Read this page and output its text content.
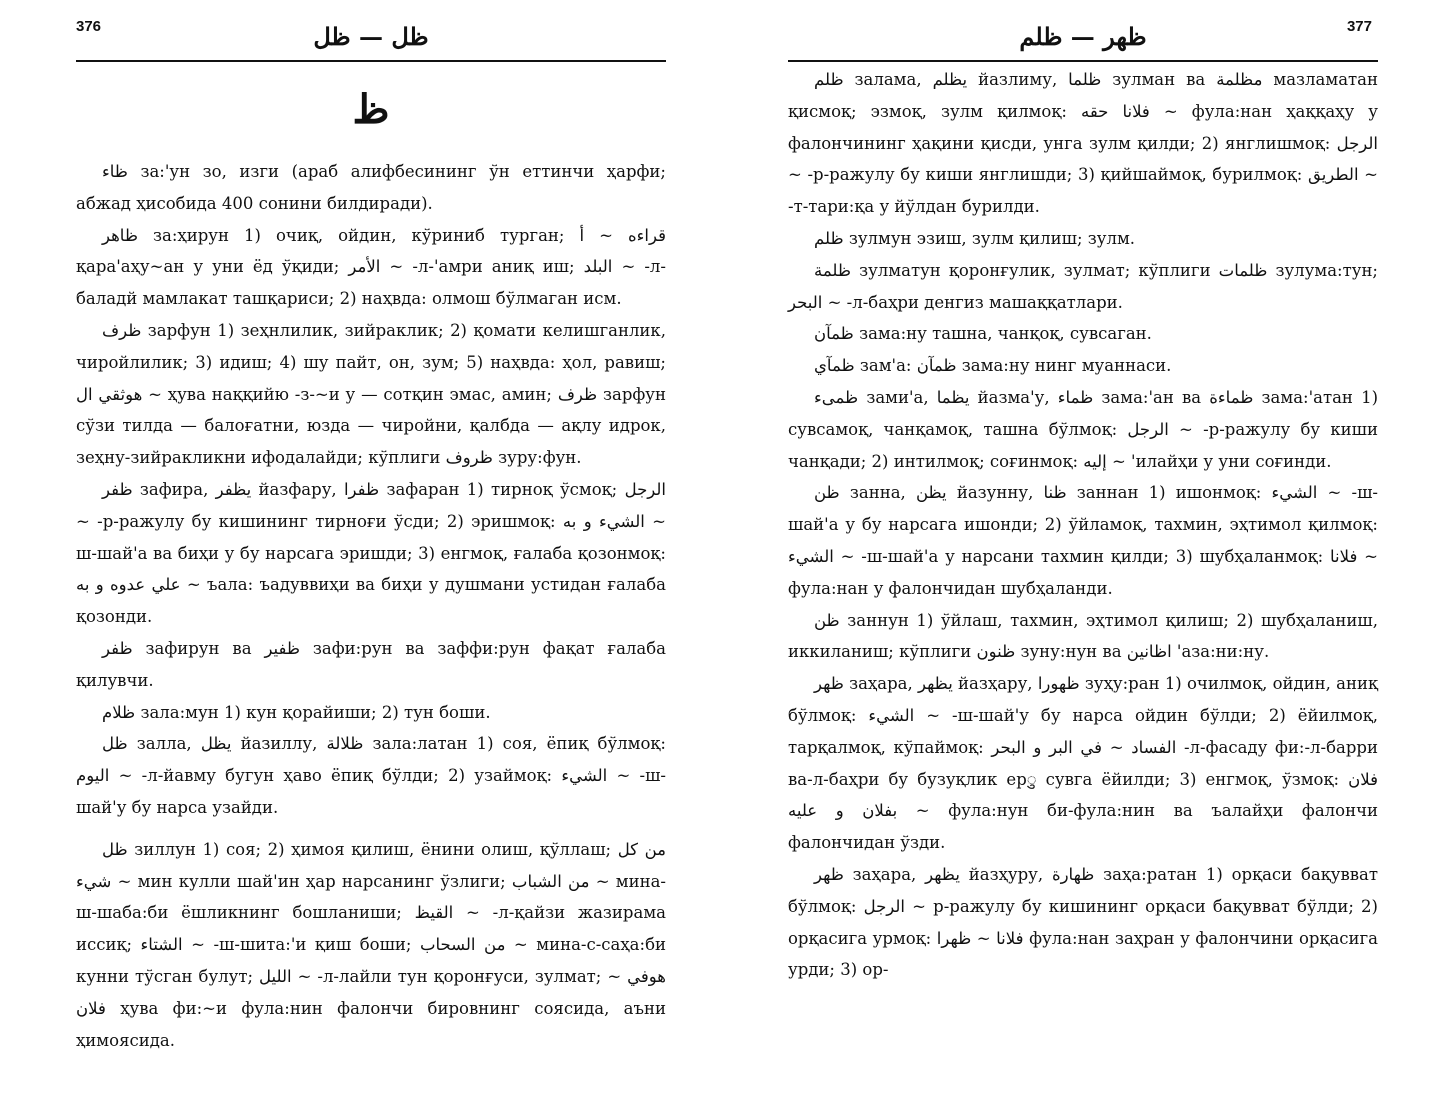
376	ظل — ظل
ظ

ظاء за:'ун зо, изги (араб алифбесининг ўн еттинчи ҳарфи; абжад ҳисобида 400 сонини билдиради).

ظاهر за:ҳирун 1) очиқ, ойдин, кўриниб турган; قراءه ~ أ қара'аҳу~ан у уни ёд ўқиди; الأمر ~ -л-'амри аниқ иш; البلد ~ -л-баладй мамлакат ташқариси; 2) наҳвда: олмош бўлмаган исм.

ظرف зарфун 1) зеҳнлилик, зийраклик; 2) қомати келишганлик, чиройлилик; 3) идиш; 4) шу пайт, он, зум; 5) наҳвда: ҳол, равиш; هوثقي ال ~ ҳува наққийю -з-~и у — сотқин эмас, амин; ظرف зарфун сўзи тилда — балоғатни, юзда — чиройни, қалбда — ақлу идрок, зеҳну-зийракликни ифодалайди; кўплиги ظروف зуру:фун.

ظفر зафира, يظفر йазфару, ظفرا зафаран 1) тирноқ ўсмоқ; الرجل ~ -р-ражулу бу кишининг тирноғи ўсди; 2) эришмоқ: الشيء و به ~ ш-шай'а ва биҳи у бу нарсага эришди; 3) енгмоқ, ғалаба қозонмоқ: علي عدوه و به ~ ъала: ъадуввиҳи ва биҳи у душмани устидан ғалаба қозонди.

ظفر зафирун ва ظفير зафи:рун ва заффи:рун фақат ғалаба қилувчи.

ظلام зала:мун 1) кун қорайиши; 2) тун боши.

ظل залла, يظل йазиллу, ظلالة зала:латан 1) соя, ёпиқ бўлмоқ: اليوم ~ -л-йавму бугун ҳаво ёпиқ бўлди; 2) узаймоқ: الشيء ~ -ш-шай'у бу нарса узайди.

ظل зиллун 1) соя; 2) ҳимоя қилиш, ёнини олиш, қўллаш; من كل شيء ~ мин кулли шай'ин ҳар нарсанинг ўзлиги; من الشباب ~ мина-ш-шаба:би ёшликнинг бошланиши; القيظ ~ -л-қайзи жазирама иссиқ; الشتاء ~ -ш-шита:'и қиш боши; من السحاب ~ мина-с-саҳа:би кунни тўсган булут; الليل ~ -л-лайли тун қоронғуси, зулмат; هوفي ~ فلان ҳува фи:~и фула:нин фалончи бировнинг соясида, аъни ҳимоясида.

ظهر — ظلم	377

ظلم залама, يظلم йазлиму, ظلما зулман ва مظلمة мазламатан қисмоқ; эзмоқ, зулм қилмоқ: فلانا حقه ~ фула:нан ҳаққаҳу у фалончининг ҳақини қисди, унга зулм қилди; 2) янглишмоқ: الرجل ~ -р-ражулу бу киши янглишди; 3) қийшаймоқ, бурилмоқ: الطريق ~ -т-тари:қа у йўлдан бурилди.

ظلم зулмун эзиш, зулм қилиш; зулм.

ظلمة зулматун қоронғулик, зулмат; кўплиги ظلمات зулума:тун; البحر ~ -л-баҳри денгиз машаққатлари.

ظمآن зама:ну ташна, чанқоқ, сувсаган.

ظمآي зам'а: ظمآن зама:ну нинг муаннаси.

ظمىء зами'а, يظما йазма'у, ظماء зама:'ан ва ظماءة зама:'атан 1) сувсамоқ, чанқамоқ, ташна бўлмоқ: الرجل ~ -р-ражулу бу киши чанқади; 2) интилмоқ; соғинмоқ: إليه ~ 'илайҳи у уни соғинди.

ظن занна, يظن йазунну, ظنا заннан 1) ишонмоқ: الشيء ~ -ш-шай'а у бу нарсага ишонди; 2) ўйламоқ, тахмин, эҳтимол қилмоқ: الشيء ~ -ш-шай'а у нарсани тахмин қилди; 3) шубҳаланмоқ: فلانا ~ фула:нан у фалончидан шубҳаланди.

ظن заннун 1) ўйлаш, тахмин, эҳтимол қилиш; 2) шубҳаланиш, иккиланиш; кўплиги ظنون зуну:нун ва اظانين 'аза:ни:ну.

ظهر заҳара, يظهر йазҳару, ظهورا зуҳу:ран 1) очилмоқ, ойдин, аниқ бўлмоқ: الشيء ~ -ш-шай'у бу нарса ойдин бўлди; 2) ёйилмоқ, тарқалмоқ, кўпаймоқ: الفساد ~ في البر و البحر -л-фасаду фи:-л-барри ва-л-баҳри бу бузуқлик ерु сувга ёйилди; 3) енгмоқ, ўзмоқ: فلان بفلان و عليه ~ фула:нун би-фула:нин ва ъалайҳи фалончи фалончидан ўзди.

ظهر заҳара, يظهر йазҳуру, ظهارة заҳа:ратан 1) орқаси бақувват бўлмоқ: الرجل ~ р-ражулу бу кишининг орқаси бақувват бўлди; 2) орқасига урмоқ: فلانا ~ ظهرا фула:нан заҳран у фалончини орқасига урди; 3) ор-
